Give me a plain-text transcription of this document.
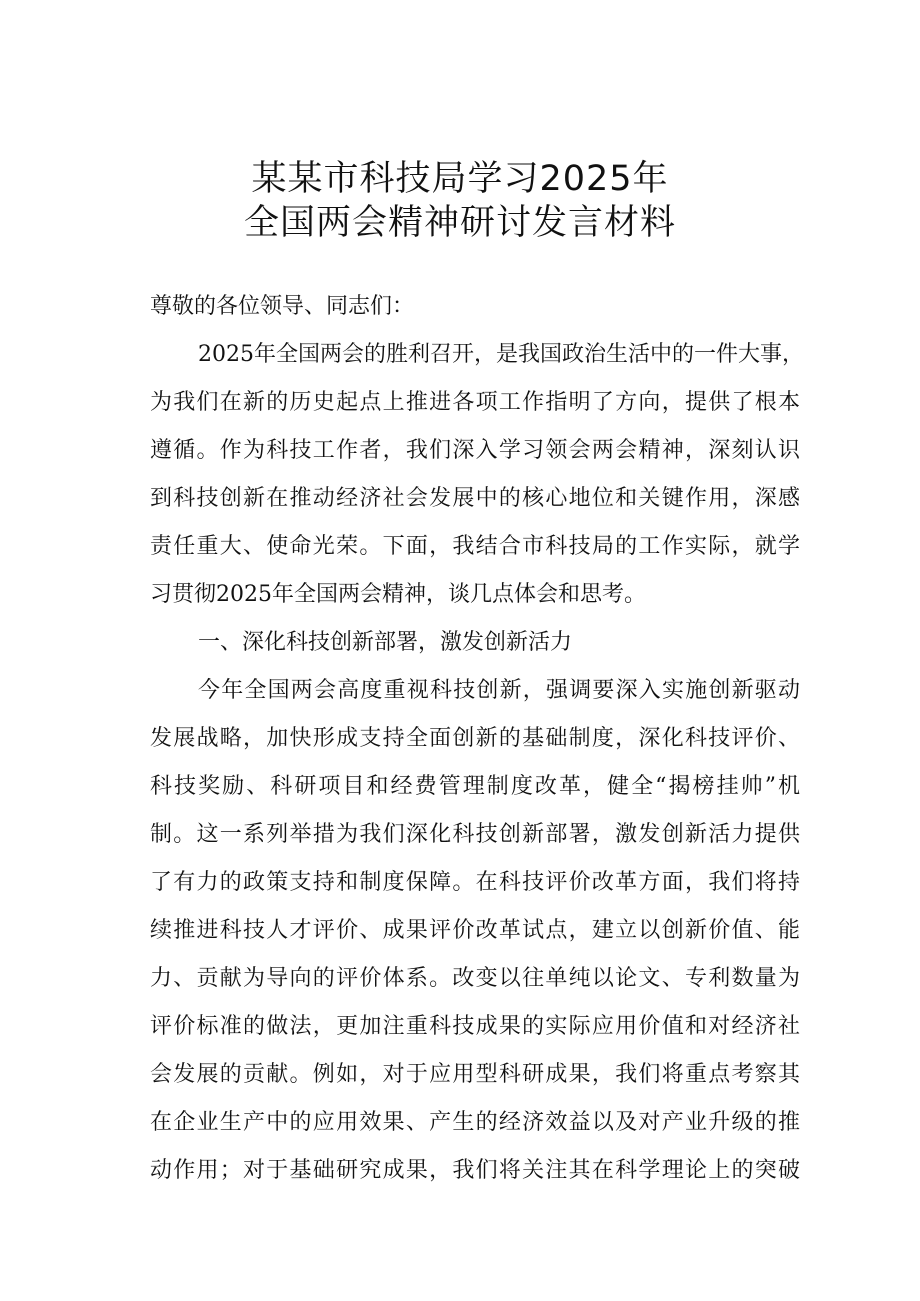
某某市科技局学习2025年
全国两会精神研讨发言材料
尊敬的各位领导、同志们：
2025年全国两会的胜利召开，是我国政治生活中的一件大事，
为我们在新的历史起点上推进各项工作指明了方向，提供了根本
遵循。作为科技工作者，我们深入学习领会两会精神，深刻认识
到科技创新在推动经济社会发展中的核心地位和关键作用，深感
责任重大、使命光荣。下面，我结合市科技局的工作实际，就学
习贯彻2025年全国两会精神，谈几点体会和思考。
一、深化科技创新部署，激发创新活力
今年全国两会高度重视科技创新，强调要深入实施创新驱动
发展战略，加快形成支持全面创新的基础制度，深化科技评价、
科技奖励、科研项目和经费管理制度改革，健全“揭榜挂帅”机
制。这一系列举措为我们深化科技创新部署，激发创新活力提供
了有力的政策支持和制度保障。在科技评价改革方面，我们将持
续推进科技人才评价、成果评价改革试点，建立以创新价值、能
力、贡献为导向的评价体系。改变以往单纯以论文、专利数量为
评价标准的做法，更加注重科技成果的实际应用价值和对经济社
会发展的贡献。例如，对于应用型科研成果，我们将重点考察其
在企业生产中的应用效果、产生的经济效益以及对产业升级的推
动作用；对于基础研究成果，我们将关注其在科学理论上的突破
